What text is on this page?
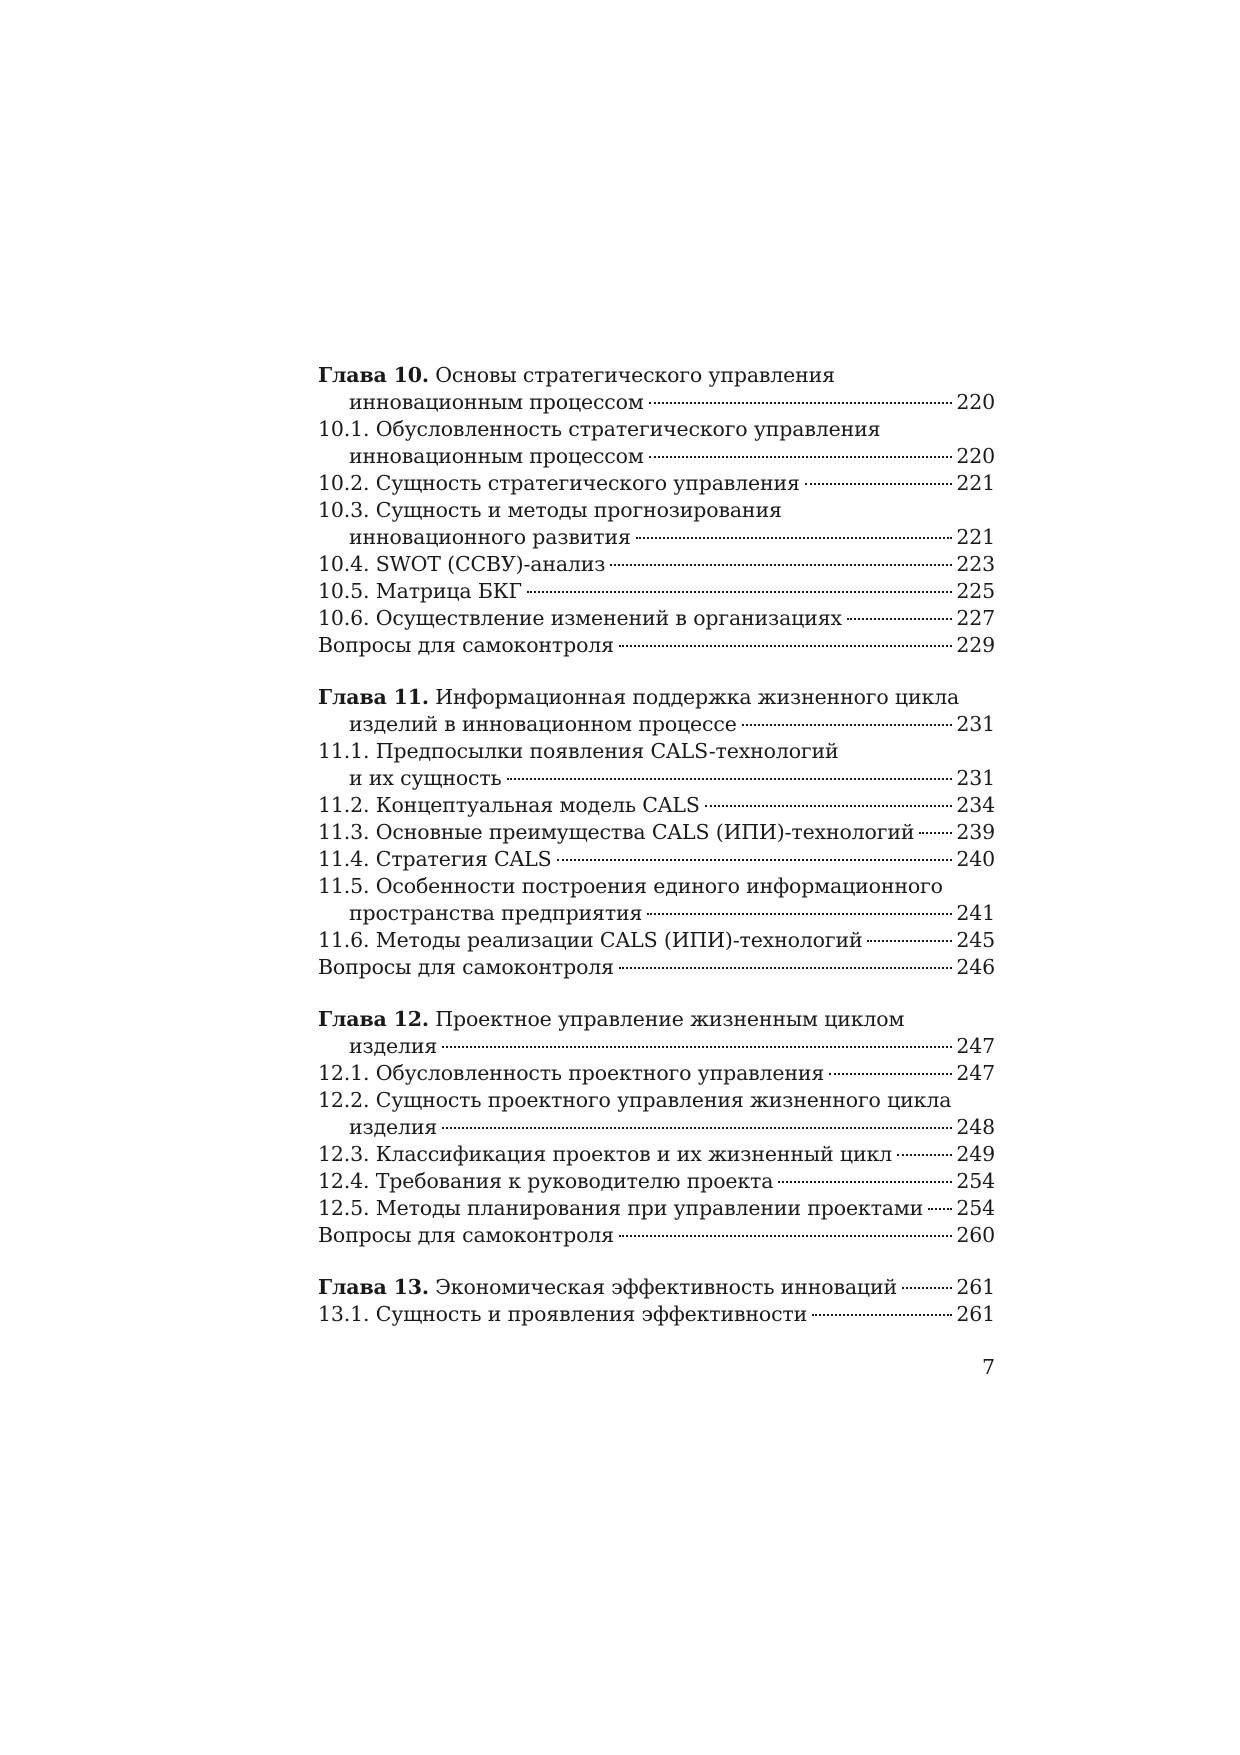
Глава 10. Основы стратегического управления
инновационным процессом	220
10.1. Обусловленность стратегического управления
инновационным процессом	220
10.2. Сущность стратегического управления	221
10.3. Сущность и методы прогнозирования
инновационного развития	221
10.4. SWOT (ССВУ)-анализ	223
10.5. Матрица БКГ	225
10.6. Осуществление изменений в организациях	227
Вопросы для самоконтроля	229
Глава 11. Информационная поддержка жизненного цикла
изделий в инновационном процессе	231
11.1. Предпосылки появления CALS-технологий
и их сущность	231
11.2. Концептуальная модель CALS	234
11.3. Основные преимущества CALS (ИПИ)-технологий 239
11.4. Стратегия CALS	240
11.5. Особенности построения единого информационного
пространства предприятия	241
11.6. Методы реализации CALS (ИПИ)-технологий	245
Вопросы для самоконтроля	246
Глава 12. Проектное управление жизненным циклом
изделия	247
12.1. Обусловленность проектного управления	247
12.2. Сущность проектного управления жизненного цикла
изделия	248
12.3. Классификация проектов и их жизненный цикл	249
12.4. Требования к руководителю проекта	254
12.5. Методы планирования при управлении проектами 254
Вопросы для самоконтроля	260
Глава 13. Экономическая эффективность инноваций	261
13.1. Сущность и проявления эффективности	261
7
